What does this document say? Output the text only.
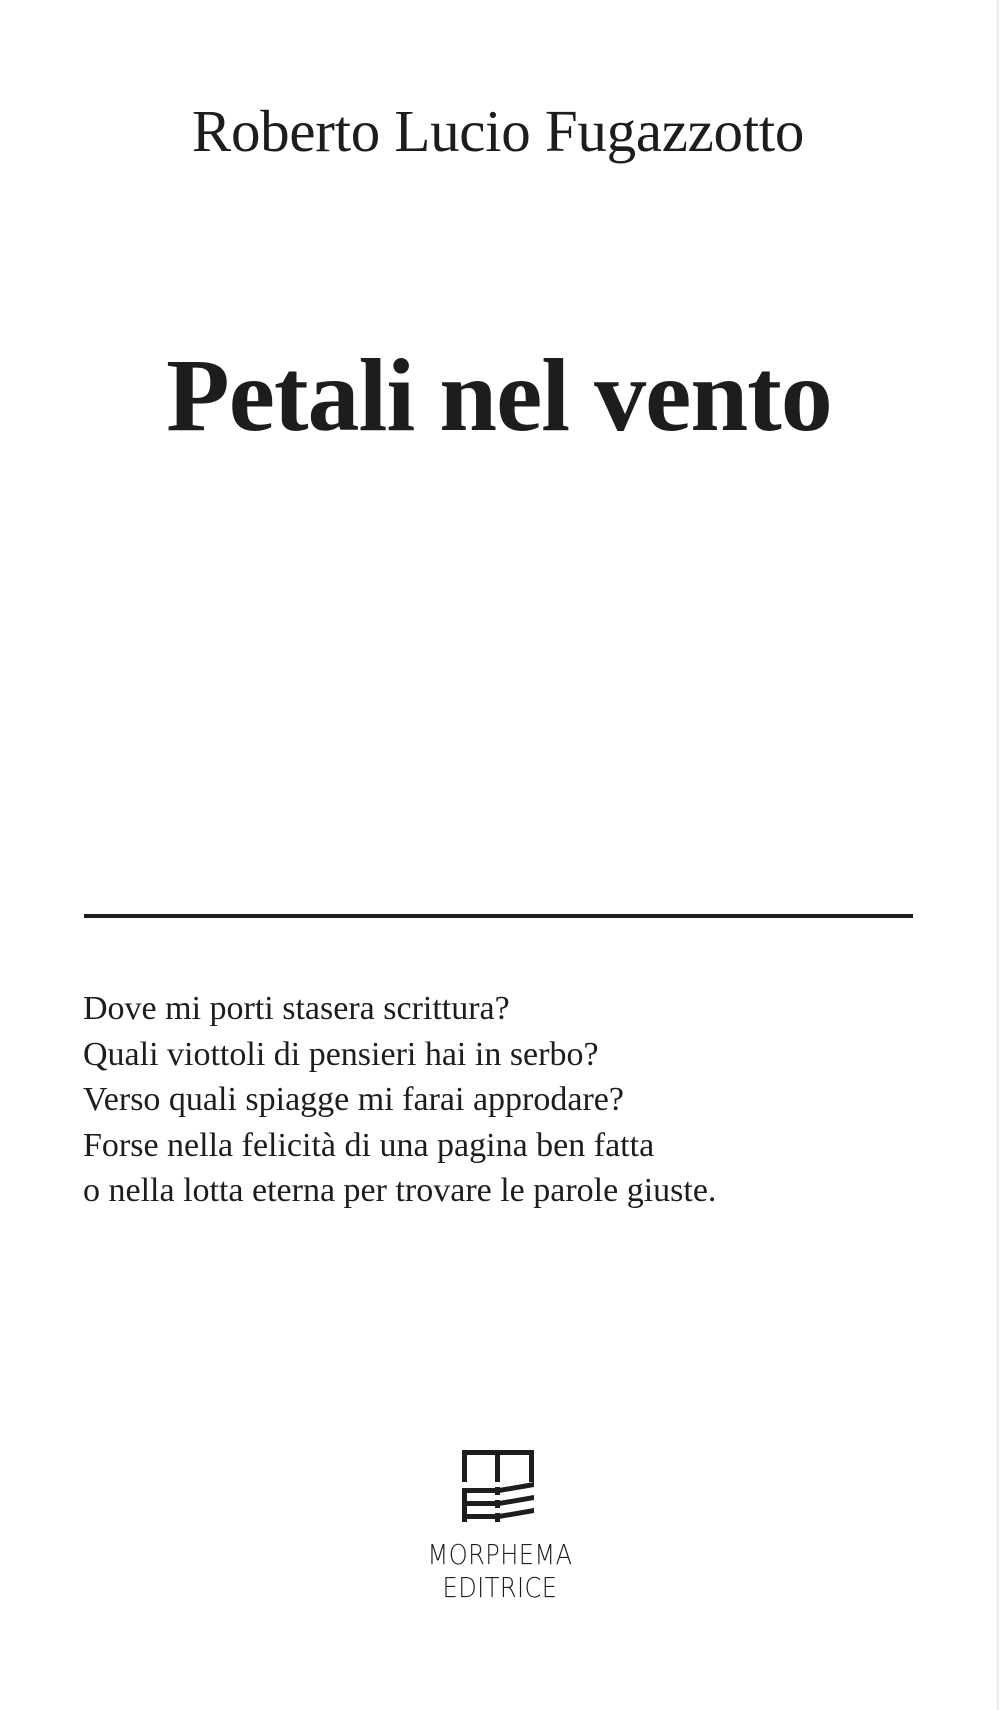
Roberto Lucio Fugazzotto
Petali nel vento
Dove mi porti stasera scrittura?
Quali viottoli di pensieri hai in serbo?
Verso quali spiagge mi farai approdare?
Forse nella felicità di una pagina ben fatta
o nella lotta eterna per trovare le parole giuste.
MORPHEMA
EDITRICE
